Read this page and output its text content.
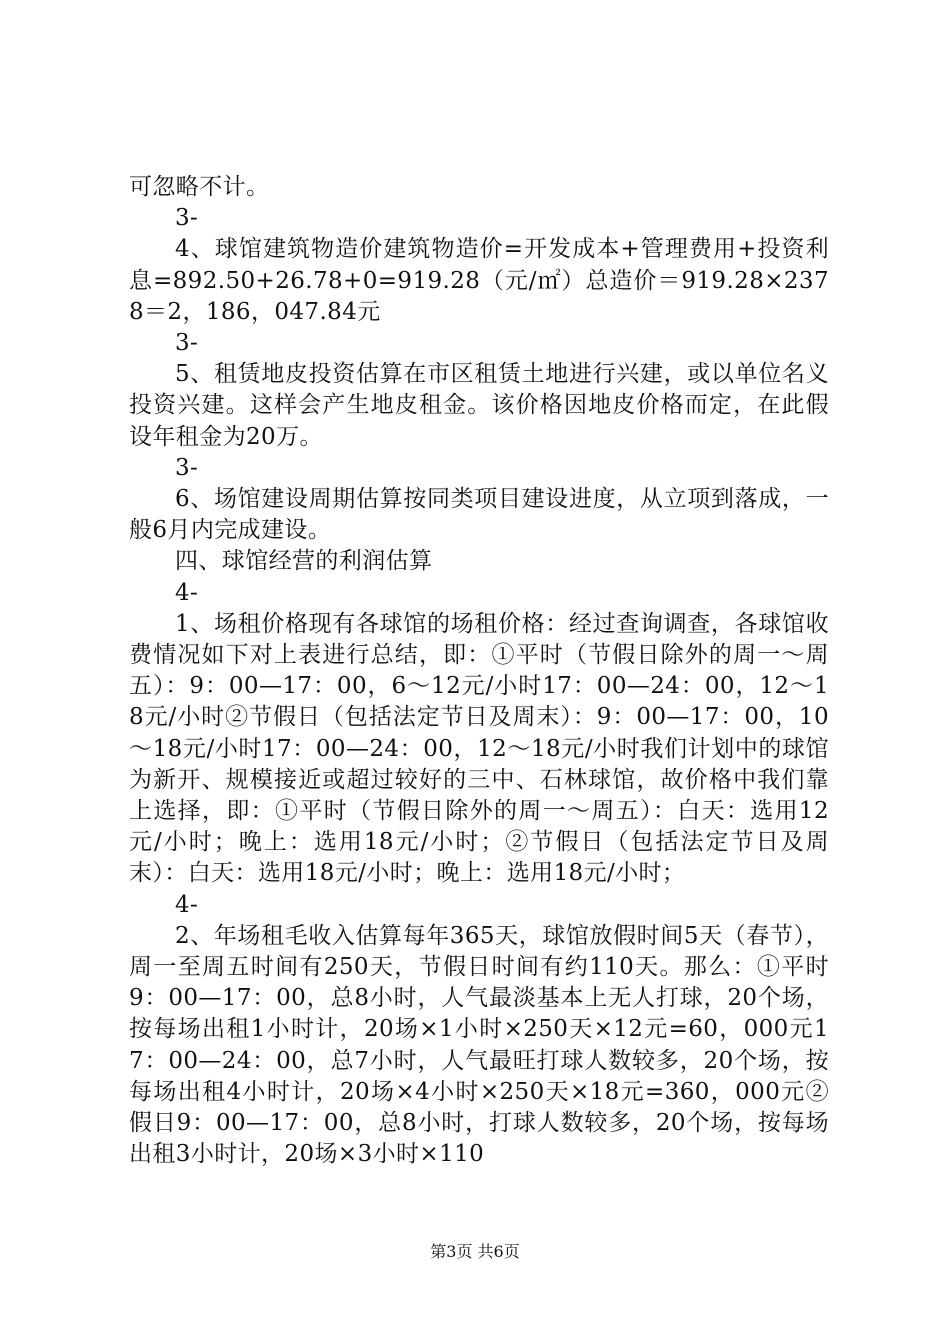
可忽略不计。

3-

4、球馆建筑物造价建筑物造价=开发成本+管理费用+投资利息=892.50+26.78+0=919.28（元/㎡）总造价＝919.28×2378＝2，186，047.84元

3-

5、租赁地皮投资估算在市区租赁土地进行兴建，或以单位名义投资兴建。这样会产生地皮租金。该价格因地皮价格而定，在此假设年租金为20万。

3-

6、场馆建设周期估算按同类项目建设进度，从立项到落成，一般6月内完成建设。

四、球馆经营的利润估算

4-

1、场租价格现有各球馆的场租价格：经过查询调查，各球馆收费情况如下对上表进行总结，即：①平时（节假日除外的周一～周五）：9：00—17：00，6～12元/小时17：00—24：00，12～18元/小时②节假日（包括法定节日及周末）：9：00—17：00，10～18元/小时17：00—24：00，12～18元/小时我们计划中的球馆为新开、规模接近或超过较好的三中、石林球馆，故价格中我们靠上选择，即：①平时（节假日除外的周一～周五）：白天：选用12元/小时；晚上：选用18元/小时；②节假日（包括法定节日及周末）：白天：选用18元/小时；晚上：选用18元/小时；

4-

2、年场租毛收入估算每年365天，球馆放假时间5天（春节），周一至周五时间有250天，节假日时间有约110天。那么：①平时9：00—17：00，总8小时，人气最淡基本上无人打球，20个场，按每场出租1小时计，20场×1小时×250天×12元=60，000元17：00—24：00，总7小时，人气最旺打球人数较多，20个场，按每场出租4小时计，20场×4小时×250天×18元=360，000元②假日9：00—17：00，总8小时，打球人数较多，20个场，按每场出租3小时计，20场×3小时×110

第3页 共6页
